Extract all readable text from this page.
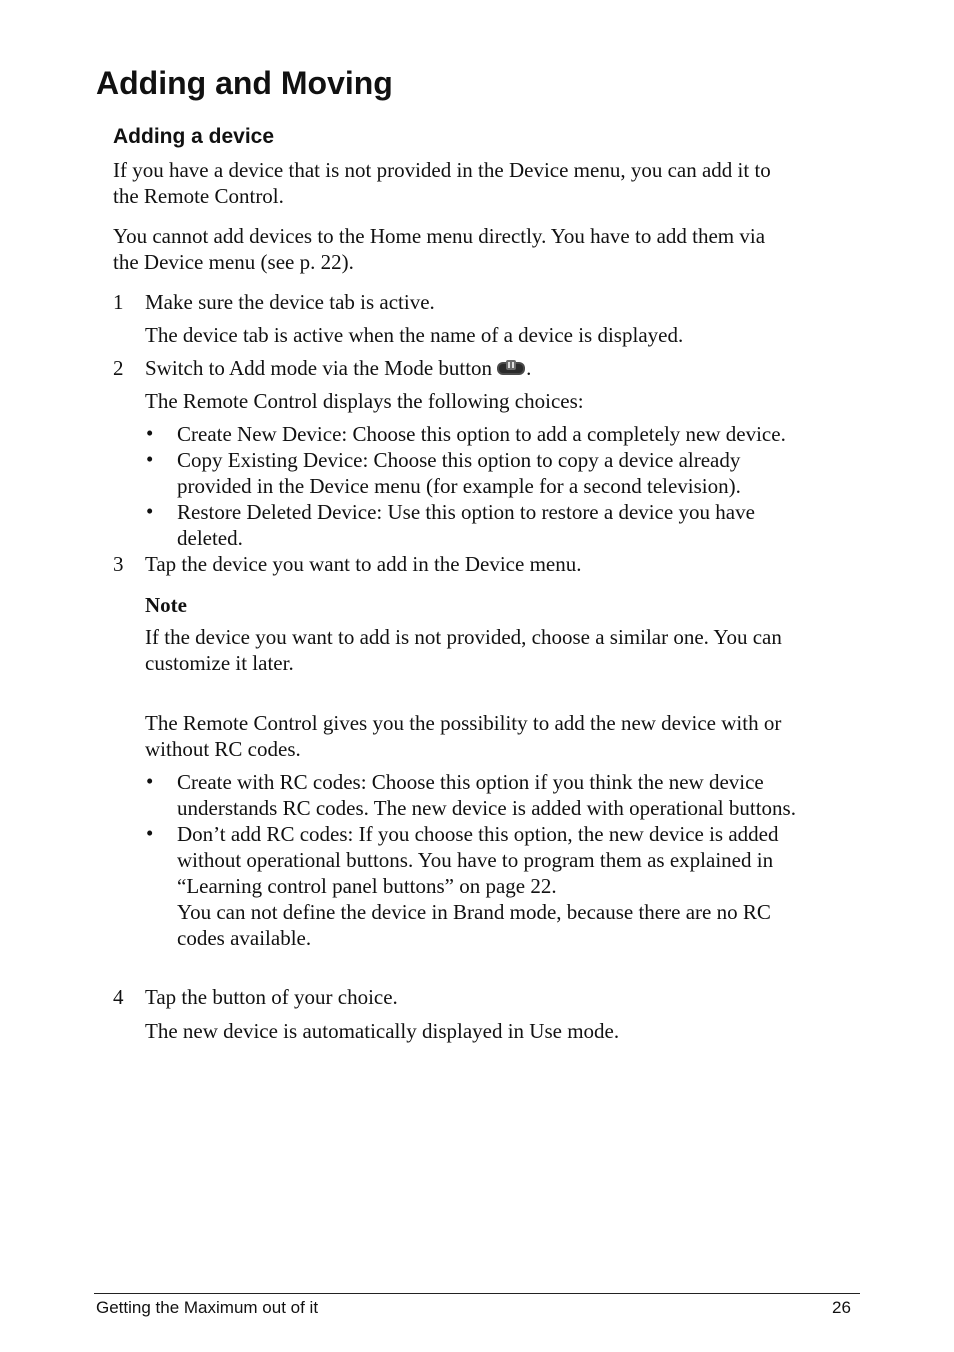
Adding and Moving
Adding a device

If you have a device that is not provided in the Device menu, you can add it to

the Remote Control.

You cannot add devices to the Home menu directly. You have to add them via

the Device menu (see p. 22).

1 Make sure the device tab is active.
The device tab is active when the name of a device is displayed.
2 Switch to Add mode via the Mode button .
The Remote Control displays the following choices:
• Create New Device: Choose this option to add a completely new device.
• Copy Existing Device: Choose this option to copy a device already
provided in the Device menu (for example for a second television).
• Restore Deleted Device: Use this option to restore a device you have
deleted.
3 Tap the device you want to add in the Device menu.
Note
If the device you want to add is not provided, choose a similar one. You can
customize it later.
The Remote Control gives you the possibility to add the new device with or
without RC codes.
• Create with RC codes: Choose this option if you think the new device
understands RC codes. The new device is added with operational buttons.
• Don’t add RC codes: If you choose this option, the new device is added
without operational buttons. You have to program them as explained in
“Learning control panel buttons” on page 22.
You can not define the device in Brand mode, because there are no RC
codes available.
4 Tap the button of your choice.
The new device is automatically displayed in Use mode.
Getting the Maximum out of it	26
